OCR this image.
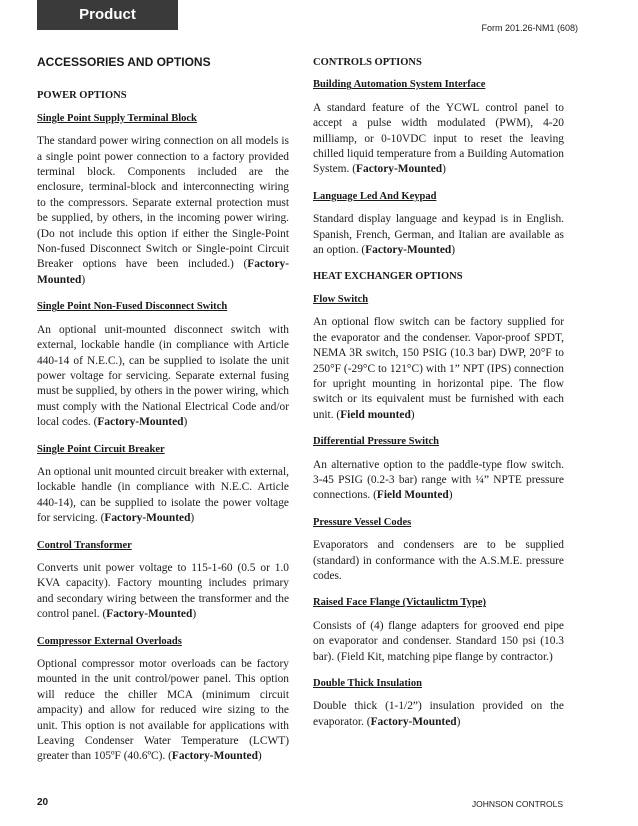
Product Description
Form 201.26-NM1 (608)
ACCESSORIES AND OPTIONS
POWER OPTIONS
Single Point Supply Terminal Block

The standard power wiring connection on all models is a single point power connection to a factory provided terminal block. Components included are the enclosure, terminal-block and interconnecting wiring to the compressors. Separate external protection must be supplied, by others, in the incoming power wiring. (Do not include this option if either the Single-Point Non-fused Disconnect Switch or Single-point Circuit Breaker options have been included.) (Factory-Mounted)

Single Point Non-Fused Disconnect Switch

An optional unit-mounted disconnect switch with external, lockable handle (in compliance with Article 440-14 of N.E.C.), can be supplied to isolate the unit power voltage for servicing. Separate external fusing must be supplied, by others in the power wiring, which must comply with the National Electrical Code and/or local codes. (Factory-Mounted)

Single Point Circuit Breaker

An optional unit mounted circuit breaker with external, lockable handle (in compliance with N.E.C. Article 440-14), can be supplied to isolate the power voltage for servicing. (Factory-Mounted)

Control Transformer

Converts unit power voltage to 115-1-60 (0.5 or 1.0 KVA capacity). Factory mounting includes primary and secondary wiring between the transformer and the control panel. (Factory-Mounted)

Compressor External Overloads

Optional compressor motor overloads can be factory mounted in the unit control/power panel. This option will reduce the chiller MCA (minimum circuit ampacity) and allow for reduced wire sizing to the unit. This option is not available for applications with Leaving Condenser Water Temperature (LCWT) greater than 105ºF (40.6ºC). (Factory-Mounted)

CONTROLS OPTIONS
Building Automation System Interface

A standard feature of the YCWL control panel to accept a pulse width modulated (PWM), 4-20 milliamp, or 0-10VDC input to reset the leaving chilled liquid temperature from a Building Automation System. (Factory-Mounted)

Language Led And Keypad

Standard display language and keypad is in English. Spanish, French, German, and Italian are available as an option. (Factory-Mounted)

HEAT EXCHANGER OPTIONS
Flow Switch

An optional flow switch can be factory supplied for the evaporator and the condenser. Vapor-proof SPDT, NEMA 3R switch, 150 PSIG (10.3 bar) DWP, 20°F to 250°F (-29°C to 121°C) with 1” NPT (IPS) connection for upright mounting in horizontal pipe. The flow switch or its equivalent must be furnished with each unit. (Field mounted)

Differential Pressure Switch

An alternative option to the paddle-type flow switch. 3-45 PSIG (0.2-3 bar) range with ¼” NPTE pressure connections. (Field Mounted)

Pressure Vessel Codes

Evaporators and condensers are to be supplied (standard) in conformance with the A.S.M.E. pressure codes.

Raised Face Flange (Victaulictm Type)

Consists of (4) flange adapters for grooved end pipe on evaporator and condenser. Standard 150 psi (10.3 bar). (Field Kit, matching pipe flange by contractor.)

Double Thick Insulation

Double thick (1-1/2”) insulation provided on the evaporator. (Factory-Mounted)

20	JOHNSON CONTROLS
